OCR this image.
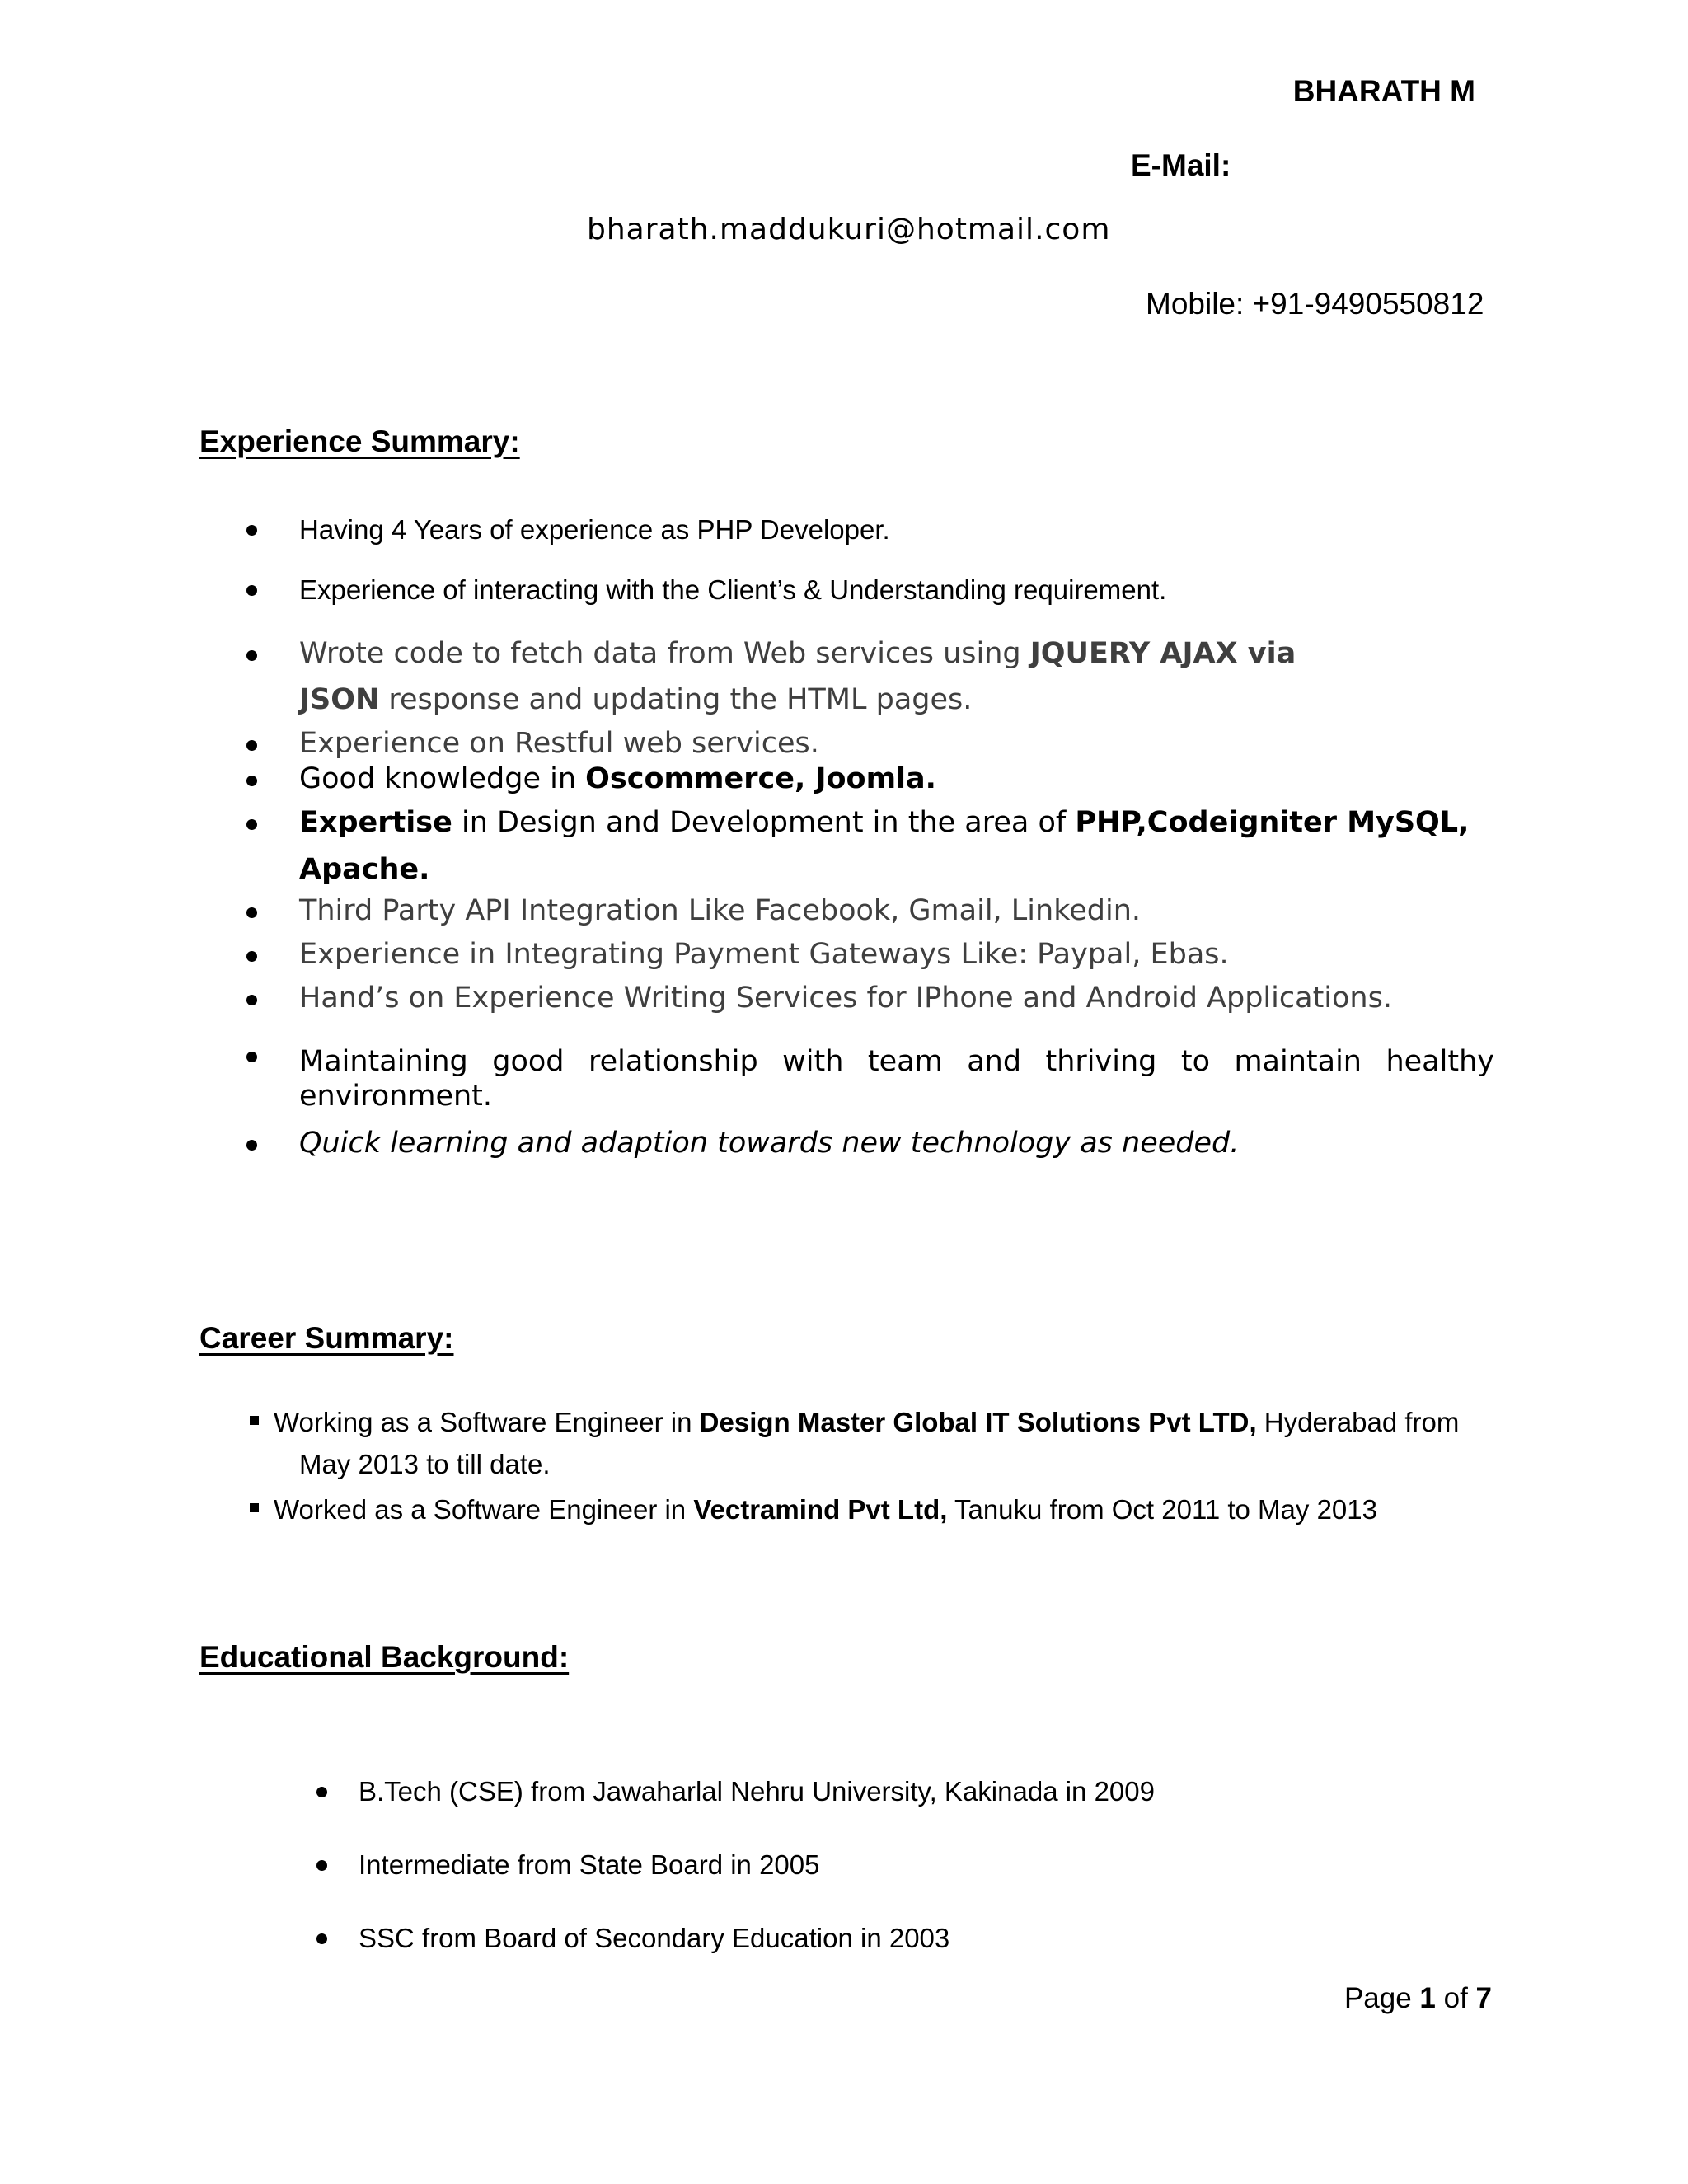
BHARATH M
E-Mail:
bharath.maddukuri@hotmail.com
Mobile: +91-9490550812
Experience Summary:
Having 4 Years of experience as PHP Developer.
Experience of interacting with the Client’s & Understanding requirement.
Wrote code to fetch data from Web services using JQUERY AJAX via
JSON response and updating the HTML pages.
Experience on Restful web services.
Good knowledge in Oscommerce, Joomla.
Expertise in Design and Development in the area of PHP,Codeigniter MySQL,
Apache.
Third Party API Integration Like Facebook, Gmail, Linkedin.
Experience in Integrating Payment Gateways Like: Paypal, Ebas.
Hand’s on Experience Writing Services for IPhone and Android Applications.
Maintaining good relationship with team and thriving to maintain healthy
environment.
Quick learning and adaption towards new technology as needed.
Career Summary:
Working as a Software Engineer in Design Master Global IT Solutions Pvt LTD, Hyderabad from
May 2013 to till date.
Worked as a Software Engineer in Vectramind Pvt Ltd, Tanuku from Oct 2011 to May 2013
Educational Background:
B.Tech (CSE) from Jawaharlal Nehru University, Kakinada in 2009
Intermediate from State Board in 2005
SSC from Board of Secondary Education in 2003
Page 1 of 7
